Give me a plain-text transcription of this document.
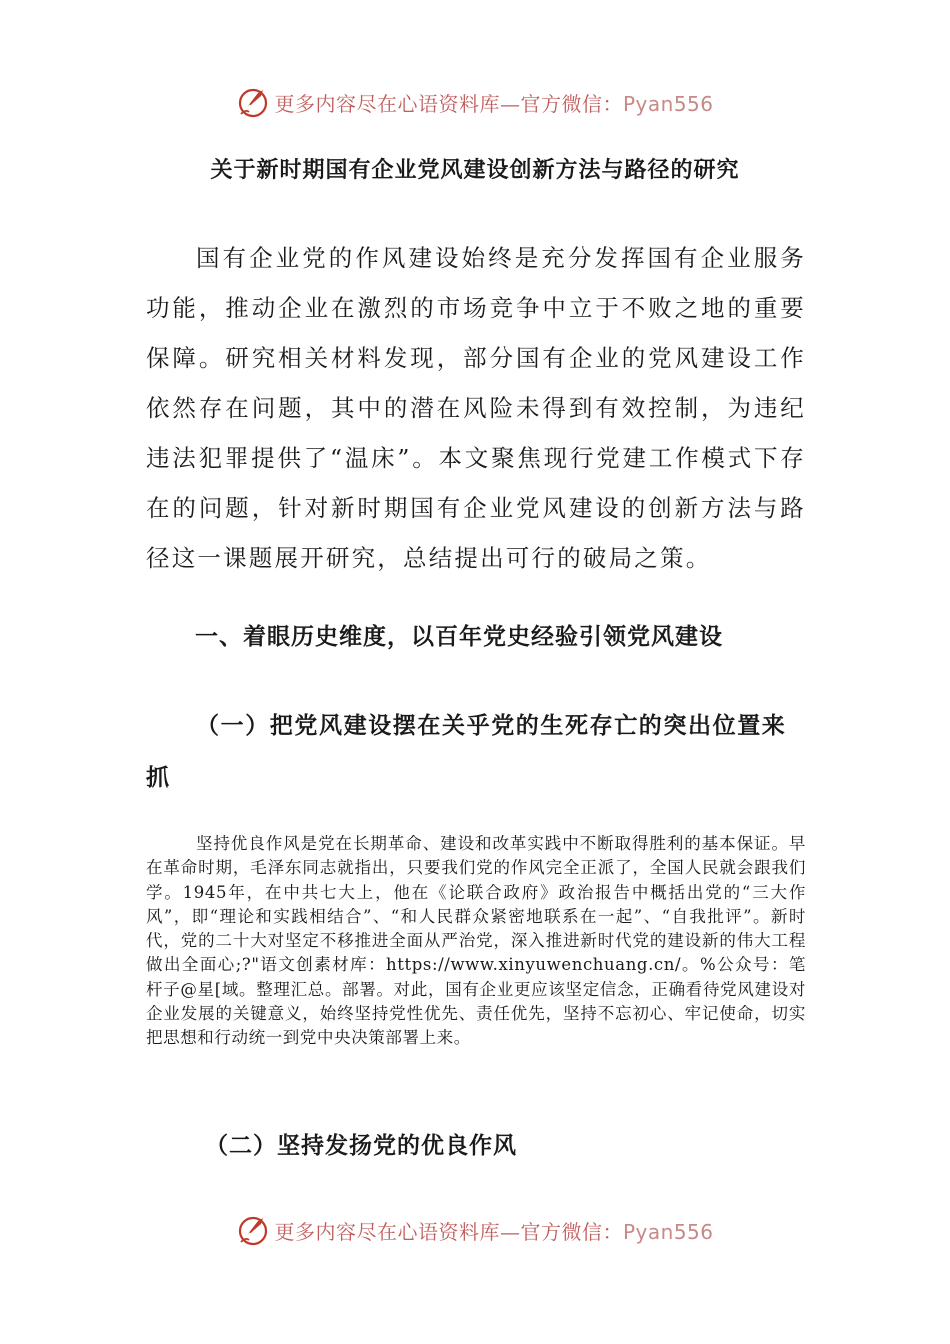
更多内容尽在心语资料库—官方微信：Pyan556
关于新时期国有企业党风建设创新方法与路径的研究

国有企业党的作风建设始终是充分发挥国有企业服务功能，推动企业在激烈的市场竞争中立于不败之地的重要保障。研究相关材料发现，部分国有企业的党风建设工作依然存在问题，其中的潜在风险未得到有效控制，为违纪违法犯罪提供了“温床”。本文聚焦现行党建工作模式下存在的问题，针对新时期国有企业党风建设的创新方法与路径这一课题展开研究，总结提出可行的破局之策。

一、着眼历史维度，以百年党史经验引领党风建设
（一）把党风建设摆在关乎党的生死存亡的突出位置来抓

坚持优良作风是党在长期革命、建设和改革实践中不断取得胜利的基本保证。早在革命时期，毛泽东同志就指出，只要我们党的作风完全正派了，全国人民就会跟我们学。1945年，在中共七大上，他在《论联合政府》政治报告中概括出党的“三大作风”，即“理论和实践相结合”、“和人民群众紧密地联系在一起”、“自我批评”。新时代，党的二十大对坚定不移推进全面从严治党，深入推进新时代党的建设新的伟大工程做出全面心;?"语文创素材库：https://www.xinyuwenchuang.cn/。%公众号：笔杆子@星[域。整理汇总。部署。对此，国有企业更应该坚定信念，正确看待党风建设对企业发展的关键意义，始终坚持党性优先、责任优先，坚持不忘初心、牢记使命，切实把思想和行动统一到党中央决策部署上来。

（二）坚持发扬党的优良作风
更多内容尽在心语资料库—官方微信：Pyan556
